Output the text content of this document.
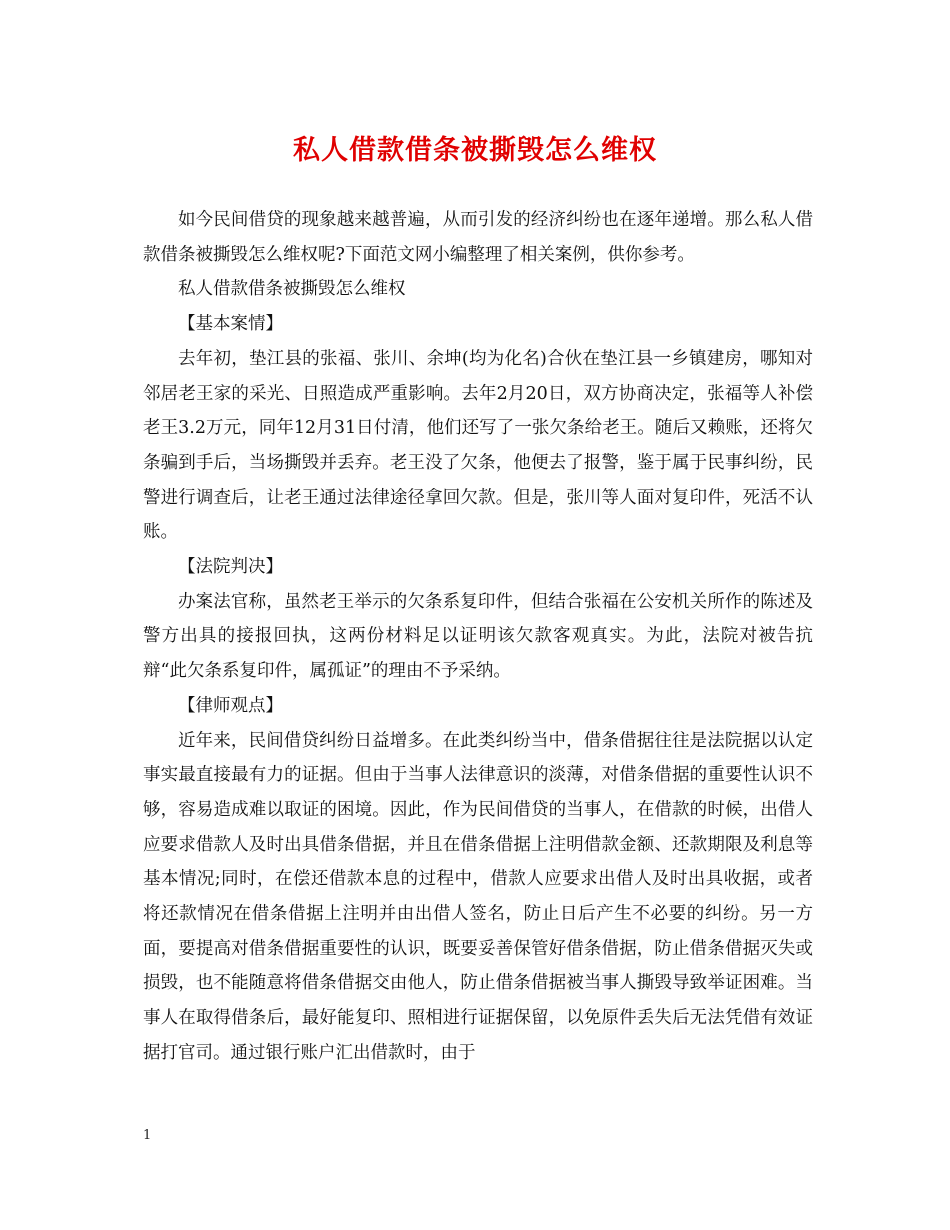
私人借款借条被撕毁怎么维权

如今民间借贷的现象越来越普遍，从而引发的经济纠纷也在逐年递增。那么私人借款借条被撕毁怎么维权呢?下面范文网小编整理了相关案例，供你参考。

私人借款借条被撕毁怎么维权

【基本案情】

去年初，垫江县的张福、张川、余坤(均为化名)合伙在垫江县一乡镇建房，哪知对邻居老王家的采光、日照造成严重影响。去年2月20日，双方协商决定，张福等人补偿老王3.2万元，同年12月31日付清，他们还写了一张欠条给老王。随后又赖账，还将欠条骗到手后，当场撕毁并丢弃。老王没了欠条，他便去了报警，鉴于属于民事纠纷，民警进行调查后，让老王通过法律途径拿回欠款。但是，张川等人面对复印件，死活不认账。

【法院判决】

办案法官称，虽然老王举示的欠条系复印件，但结合张福在公安机关所作的陈述及警方出具的接报回执，这两份材料足以证明该欠款客观真实。为此，法院对被告抗辩“此欠条系复印件，属孤证”的理由不予采纳。

【律师观点】

近年来，民间借贷纠纷日益增多。在此类纠纷当中，借条借据往往是法院据以认定事实最直接最有力的证据。但由于当事人法律意识的淡薄，对借条借据的重要性认识不够，容易造成难以取证的困境。因此，作为民间借贷的当事人，在借款的时候，出借人应要求借款人及时出具借条借据，并且在借条借据上注明借款金额、还款期限及利息等基本情况;同时，在偿还借款本息的过程中，借款人应要求出借人及时出具收据，或者将还款情况在借条借据上注明并由出借人签名，防止日后产生不必要的纠纷。另一方面，要提高对借条借据重要性的认识，既要妥善保管好借条借据，防止借条借据灭失或损毁，也不能随意将借条借据交由他人，防止借条借据被当事人撕毁导致举证困难。当事人在取得借条后，最好能复印、照相进行证据保留，以免原件丢失后无法凭借有效证据打官司。通过银行账户汇出借款时，由于

1
